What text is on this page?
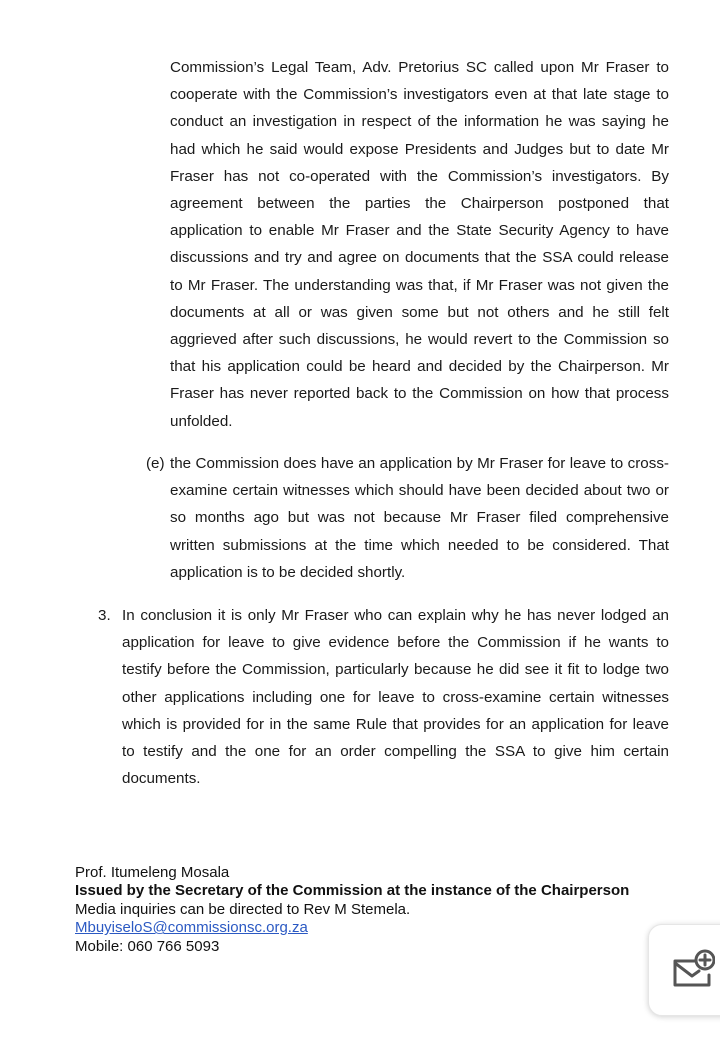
Commission’s Legal Team, Adv. Pretorius SC called upon Mr Fraser to cooperate with the Commission’s investigators even at that late stage to conduct an investigation in respect of the information he was saying he had which he said would expose Presidents and Judges but to date Mr Fraser has not co-operated with the Commission’s investigators. By agreement between the parties the Chairperson postponed that application to enable Mr Fraser and the State Security Agency to have discussions and try and agree on documents that the SSA could release to Mr Fraser. The understanding was that, if Mr Fraser was not given the documents at all or was given some but not others and he still felt aggrieved after such discussions, he would revert to the Commission so that his application could be heard and decided by the Chairperson. Mr Fraser has never reported back to the Commission on how that process unfolded.
(e) the Commission does have an application by Mr Fraser for leave to cross-examine certain witnesses which should have been decided about two or so months ago but was not because Mr Fraser filed comprehensive written submissions at the time which needed to be considered. That application is to be decided shortly.
3. In conclusion it is only Mr Fraser who can explain why he has never lodged an application for leave to give evidence before the Commission if he wants to testify before the Commission, particularly because he did see it fit to lodge two other applications including one for leave to cross-examine certain witnesses which is provided for in the same Rule that provides for an application for leave to testify and the one for an order compelling the SSA to give him certain documents.
Prof. Itumeleng Mosala
Issued by the Secretary of the Commission at the instance of the Chairperson
Media inquiries can be directed to Rev M Stemela.
MbuyiseloS@commissionsc.org.za
Mobile: 060 766 5093
